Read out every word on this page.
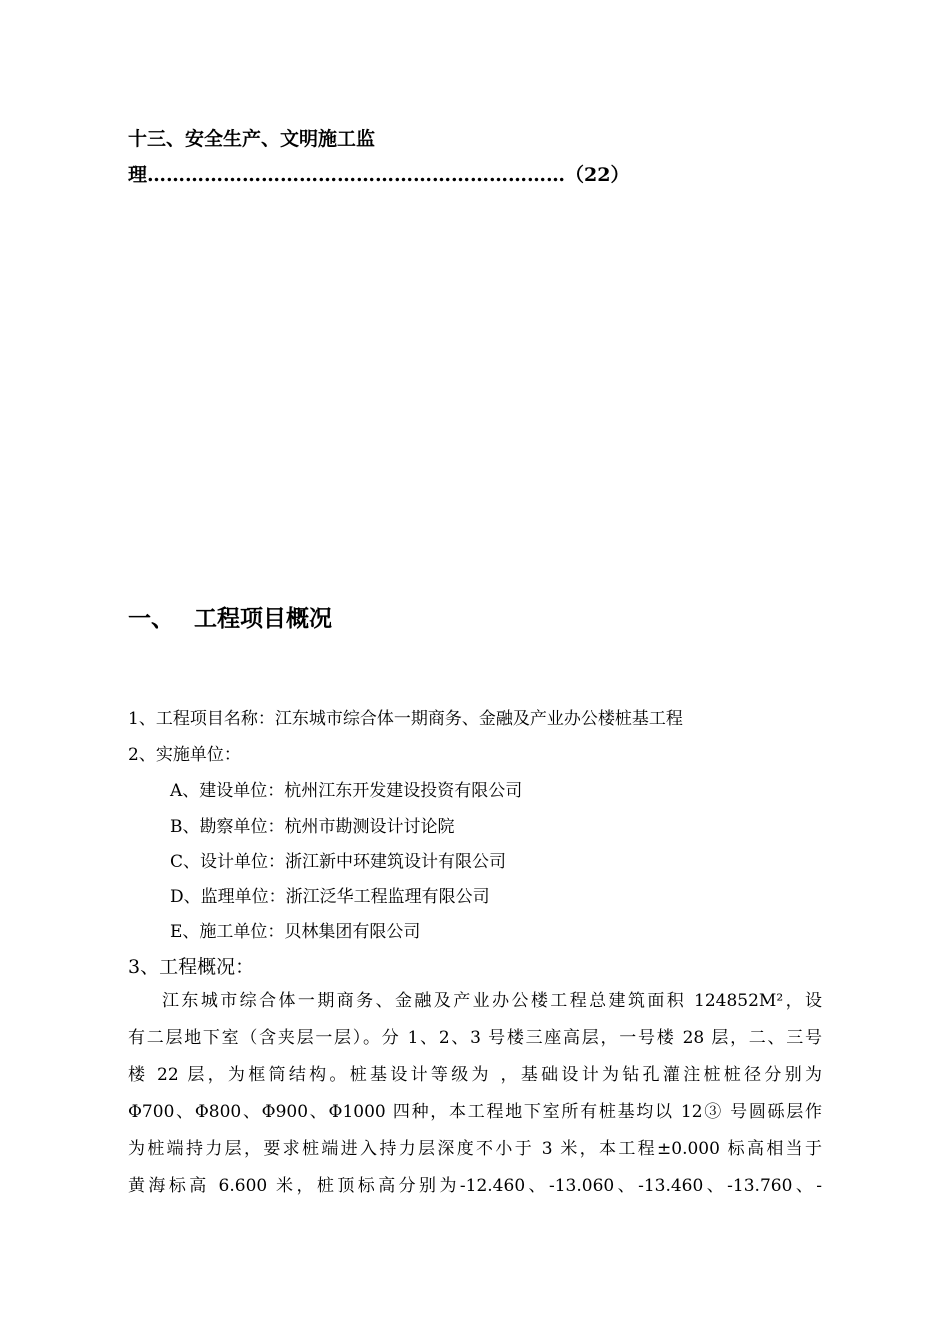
十三、安全生产、文明施工监
理…………………………………………………………（22）
一、 工程项目概况
1、工程项目名称：江东城市综合体一期商务、金融及产业办公楼桩基工程
2、实施单位：
A、建设单位：杭州江东开发建设投资有限公司
B、勘察单位：杭州市勘测设计讨论院
C、设计单位：浙江新中环建筑设计有限公司
D、监理单位：浙江泛华工程监理有限公司
E、施工单位：贝林集团有限公司
3、工程概况：
江东城市综合体一期商务、金融及产业办公楼工程总建筑面积 124852M²，设
有二层地下室（含夹层一层）。分 1、2、3 号楼三座高层，一号楼 28 层，二、三号
楼 22 层，为框筒结构。桩基设计等级为 ，基础设计为钻孔灌注桩桩径分别为
Φ700、Φ800、Φ900、Φ1000 四种，本工程地下室所有桩基均以 12③ 号圆砾层作
为桩端持力层，要求桩端进入持力层深度不小于 3 米，本工程±0.000 标高相当于
黄海标高 6.600 米，桩顶标高分别为-12.460、-13.060、-13.460、-13.760、-
